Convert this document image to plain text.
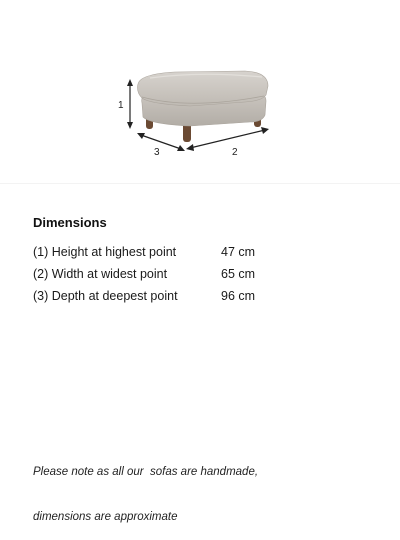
1
3	2
Dimensions
(1) Height at highest point	47 cm
(2) Width at widest point	65 cm
(3) Depth at deepest point	96 cm

Please note as all our  sofas are handmade,

dimensions are approximate
